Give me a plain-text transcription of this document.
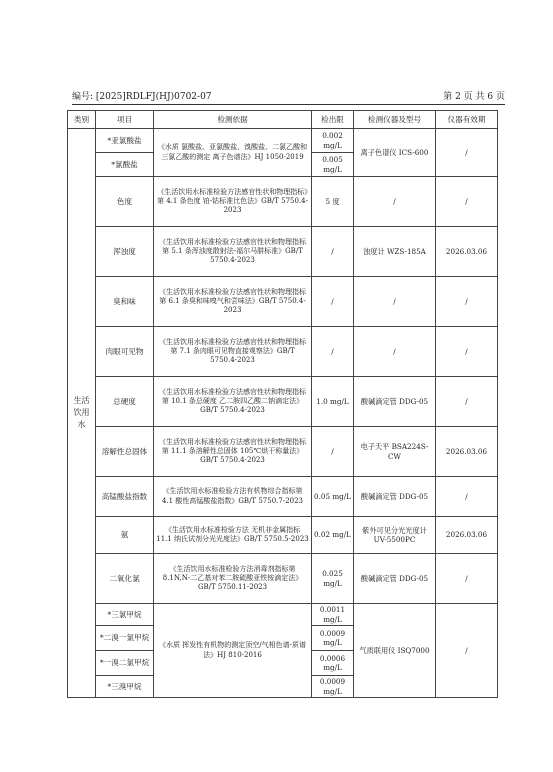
编号: [2025]RDLFJ(HJ)0702-07	第 2 页 共 6 页
类别	项目	检测依据	检出限	检测仪器及型号	仪器有效期
生活饮用水	*亚氯酸盐	《水质 氯酸盐、亚氯酸盐、溴酸盐、二氯乙酸和三氯乙酸的测定 离子色谱法》HJ 1050-2019	0.002 mg/L	离子色谱仪 ICS-600	/
	*氯酸盐		0.005 mg/L		
	色度	《生活饮用水标准检验方法感官性状和物理指标》第 4.1 条色度 铂-钴标准比色法》GB/T 5750.4-2023	5 度	/	/
	浑浊度	《生活饮用水标准检验方法感官性状和物理指标 第 5.1 条浑浊度散射法-福尔马肼标准》GB/T 5750.4-2023	/	浊度计 WZS-185A	2026.03.06
	臭和味	《生活饮用水标准检验方法感官性状和物理指标 第 6.1 条臭和味嗅气和尝味法》GB/T 5750.4-2023	/	/	/
	肉眼可见物	《生活饮用水标准检验方法感官性状和物理指标 第 7.1 条肉眼可见物直接观察法》GB/T 5750.4-2023	/	/	/
	总硬度	《生活饮用水标准检验方法感官性状和物理指标 第 10.1 条总硬度 乙二胺四乙酸二钠滴定法》GB/T 5750.4-2023	1.0 mg/L	酸碱滴定管 DDG-05	/
	溶解性总固体	《生活饮用水标准检验方法感官性状和物理指标 第 11.1 条溶解性总固体 105℃烘干称量法》GB/T 5750.4-2023	/	电子天平 BSA224S-CW	2026.03.06
	高锰酸盐指数	《生活饮用水标准检验方法有机物综合指标第 4.1 酸性高锰酸盐指数》GB/T 5750.7-2023	0.05 mg/L	酸碱滴定管 DDG-05	/
	氨	《生活饮用水标准检验方法 无机非金属指标 11.1 纳氏试剂分光光度法》GB/T 5750.5-2023	0.02 mg/L	紫外可见分光光度计 UV-5500PC	2026.03.06
	二氧化氯	《生活饮用水标准检验方法消毒剂指标第 8.1N,N-二乙基对苯二胺硫酸亚铁铵滴定法》GB/T 5750.11-2023	0.025 mg/L	酸碱滴定管 DDG-05	/
	*三氯甲烷	《水质 挥发性有机物的测定顶空/气相色谱-质谱法》HJ 810-2016	0.0011 mg/L	气质联用仪 ISQ7000	/
	*二溴一氯甲烷		0.0009 mg/L		
	*一溴二氯甲烷		0.0006 mg/L		
	*三溴甲烷		0.0009 mg/L		
